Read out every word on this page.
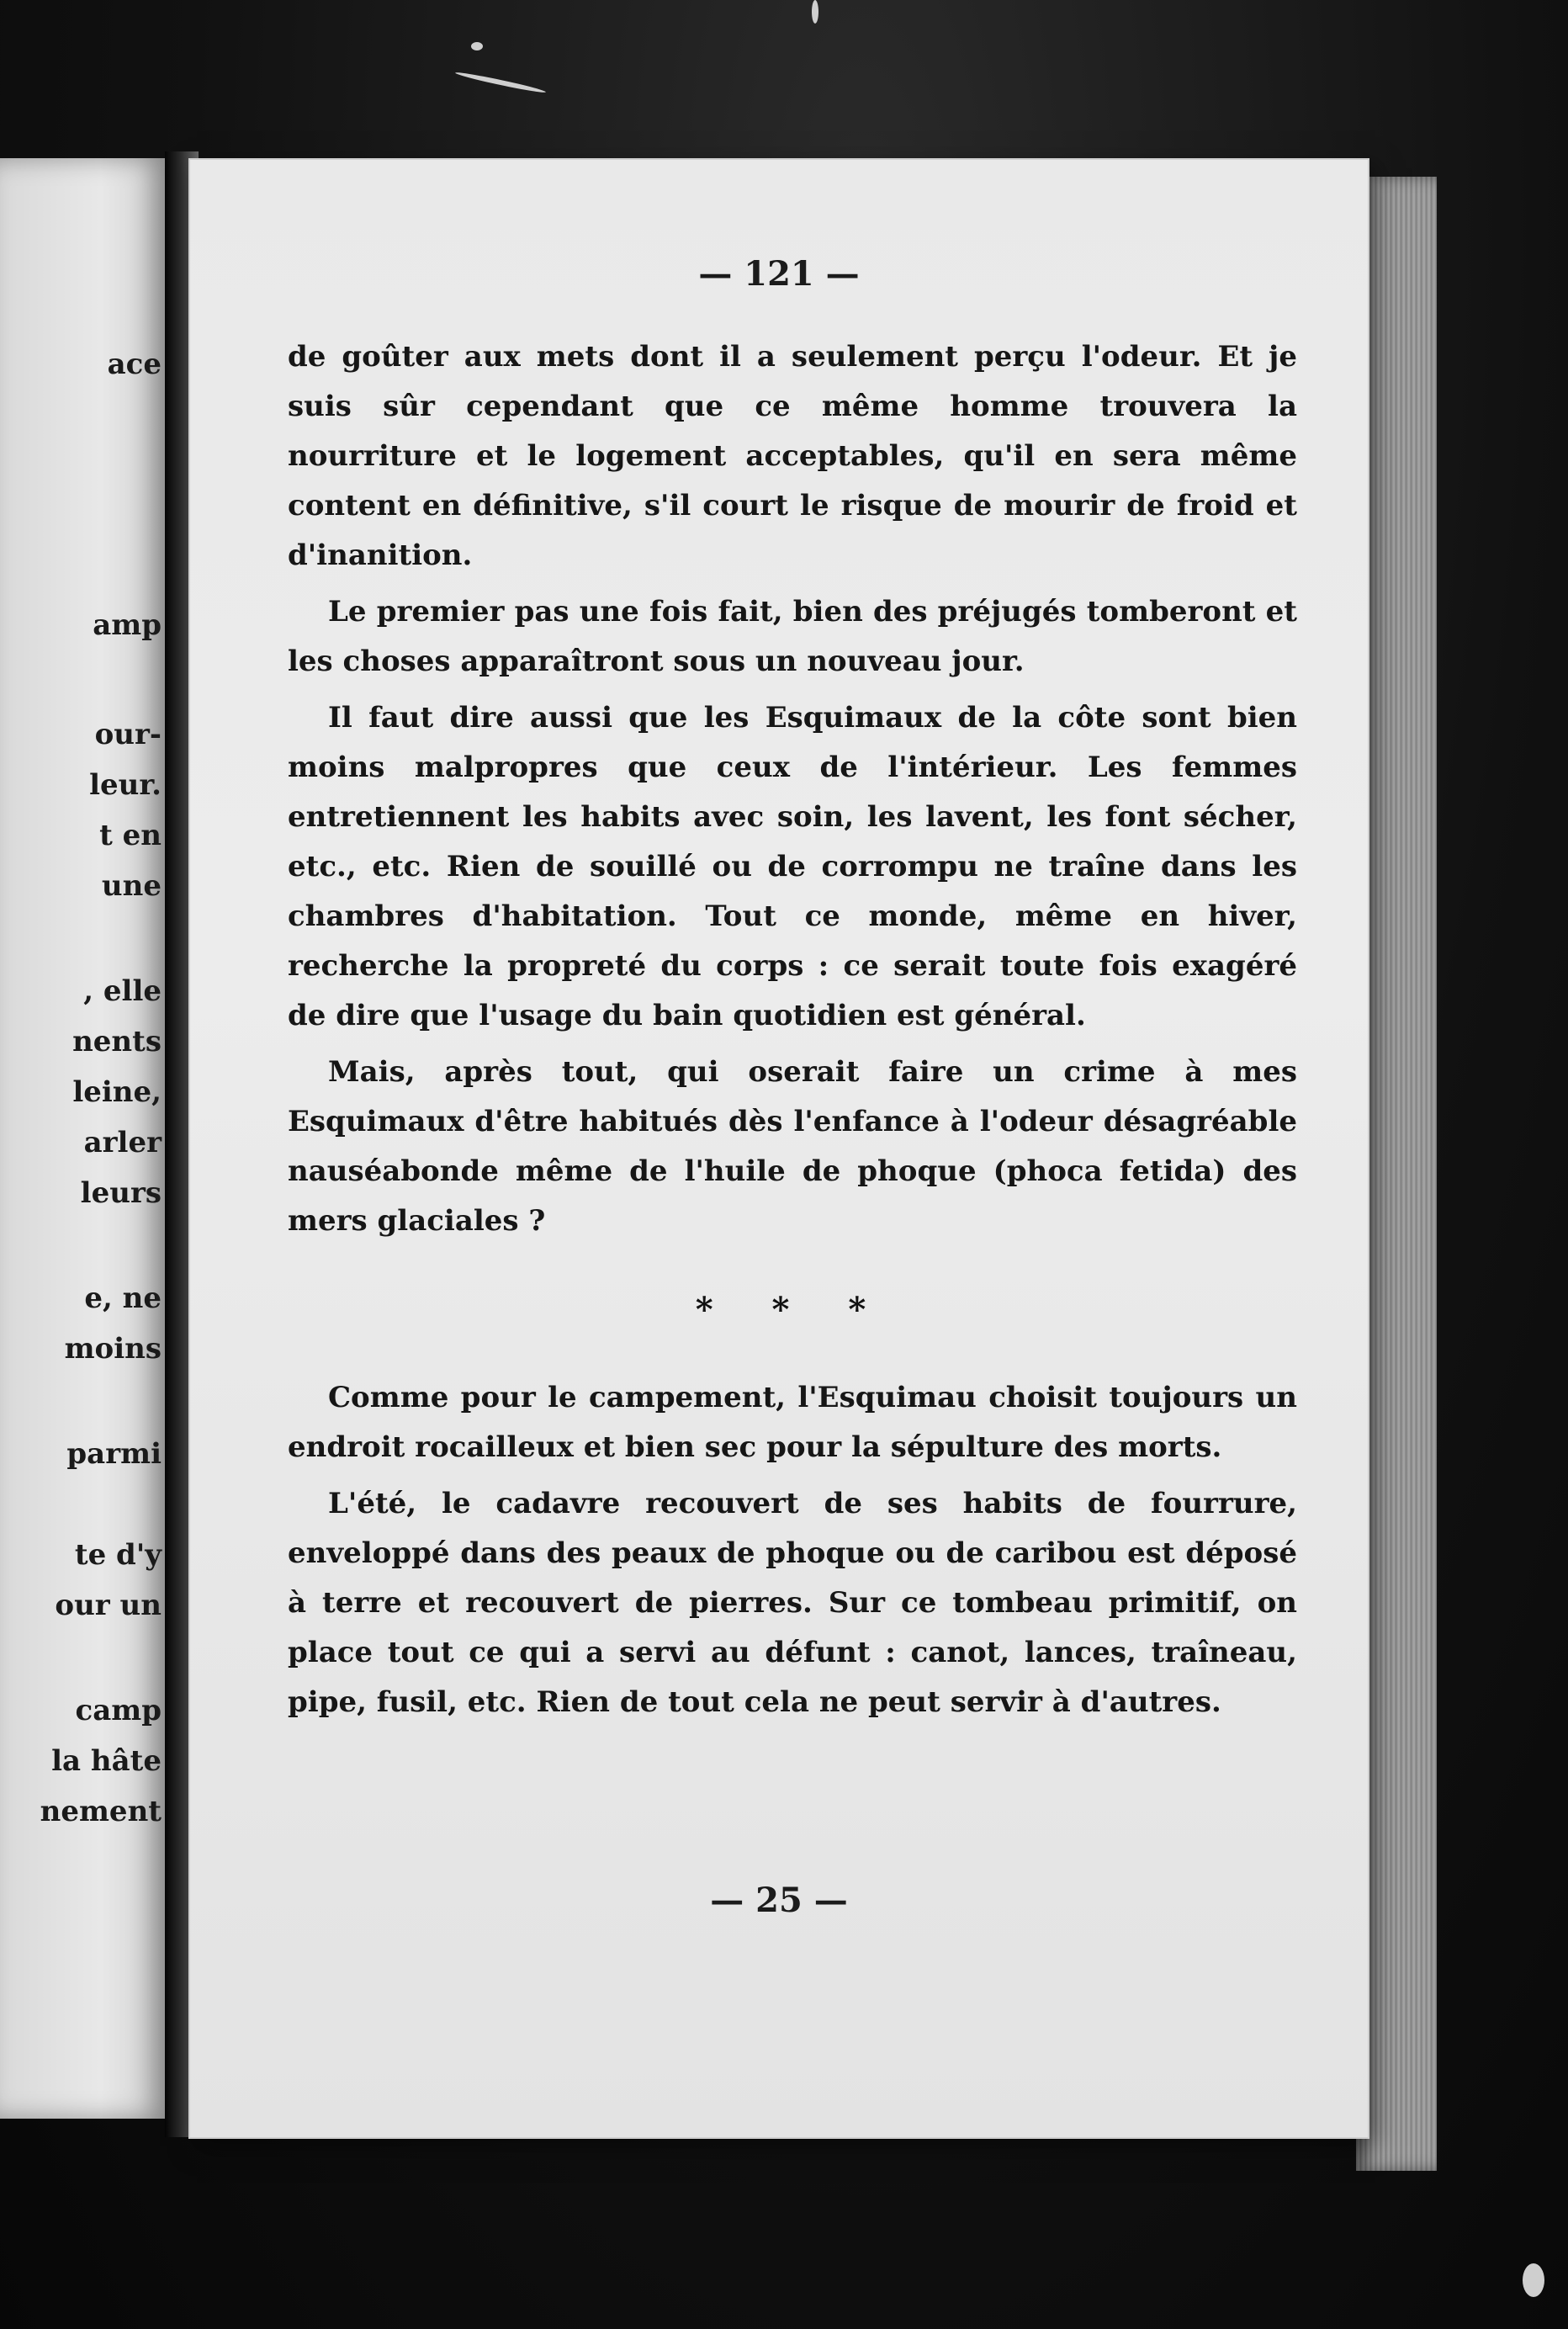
ace
amp
our-
leur.
t en
une
, elle
nents
leine,
arler
leurs
e, ne
moins
parmi
te d'y
our un
camp
la hâte
nement
— 121 —

de goûter aux mets dont il a seulement perçu l'odeur. Et je suis sûr cependant que ce même homme trouvera la nourriture et le logement acceptables, qu'il en sera même content en définitive, s'il court le risque de mourir de froid et d'inanition.

Le premier pas une fois fait, bien des préjugés tomberont et les choses apparaîtront sous un nouveau jour.

Il faut dire aussi que les Esquimaux de la côte sont bien moins malpropres que ceux de l'intérieur. Les femmes entretiennent les habits avec soin, les lavent, les font sécher, etc., etc. Rien de souillé ou de corrompu ne traîne dans les chambres d'habitation. Tout ce monde, même en hiver, recherche la propreté du corps : ce serait toute fois exagéré de dire que l'usage du bain quotidien est général.

Mais, après tout, qui oserait faire un crime à mes Esquimaux d'être habitués dès l'enfance à l'odeur désagréable nauséabonde même de l'huile de phoque (phoca fetida) des mers glaciales ?

* * *

Comme pour le campement, l'Esquimau choisit toujours un endroit rocailleux et bien sec pour la sépulture des morts.

L'été, le cadavre recouvert de ses habits de fourrure, enveloppé dans des peaux de phoque ou de caribou est déposé à terre et recouvert de pierres. Sur ce tombeau primitif, on place tout ce qui a servi au défunt : canot, lances, traîneau, pipe, fusil, etc. Rien de tout cela ne peut servir à d'autres.

— 25 —
